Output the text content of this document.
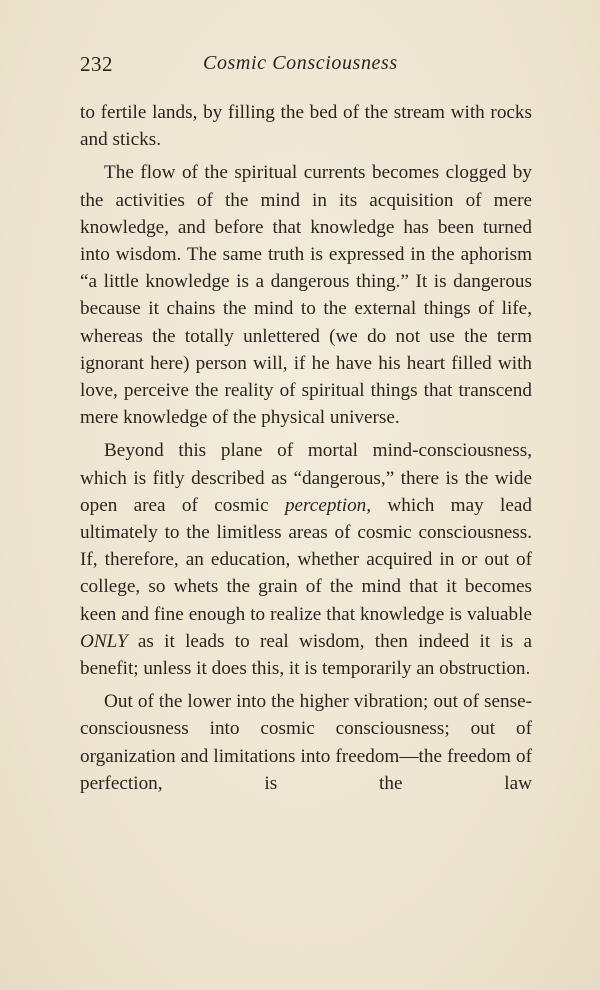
232	Cosmic Consciousness

to fertile lands, by filling the bed of the stream with rocks and sticks.

The flow of the spiritual currents becomes clogged by the activities of the mind in its acquisition of mere knowledge, and before that knowledge has been turned into wisdom. The same truth is expressed in the aphorism “a little knowledge is a dangerous thing.” It is dangerous because it chains the mind to the external things of life, whereas the totally unlettered (we do not use the term ignorant here) person will, if he have his heart filled with love, perceive the reality of spiritual things that transcend mere knowledge of the physical universe.

Beyond this plane of mortal mind-consciousness, which is fitly described as “dangerous,” there is the wide open area of cosmic perception, which may lead ultimately to the limitless areas of cosmic consciousness. If, therefore, an education, whether acquired in or out of college, so whets the grain of the mind that it becomes keen and fine enough to realize that knowledge is valuable ONLY as it leads to real wisdom, then indeed it is a benefit; unless it does this, it is temporarily an obstruction.

Out of the lower into the higher vibration; out of sense-consciousness into cosmic consciousness; out of organization and limitations into freedom—the freedom of perfection, is the law
